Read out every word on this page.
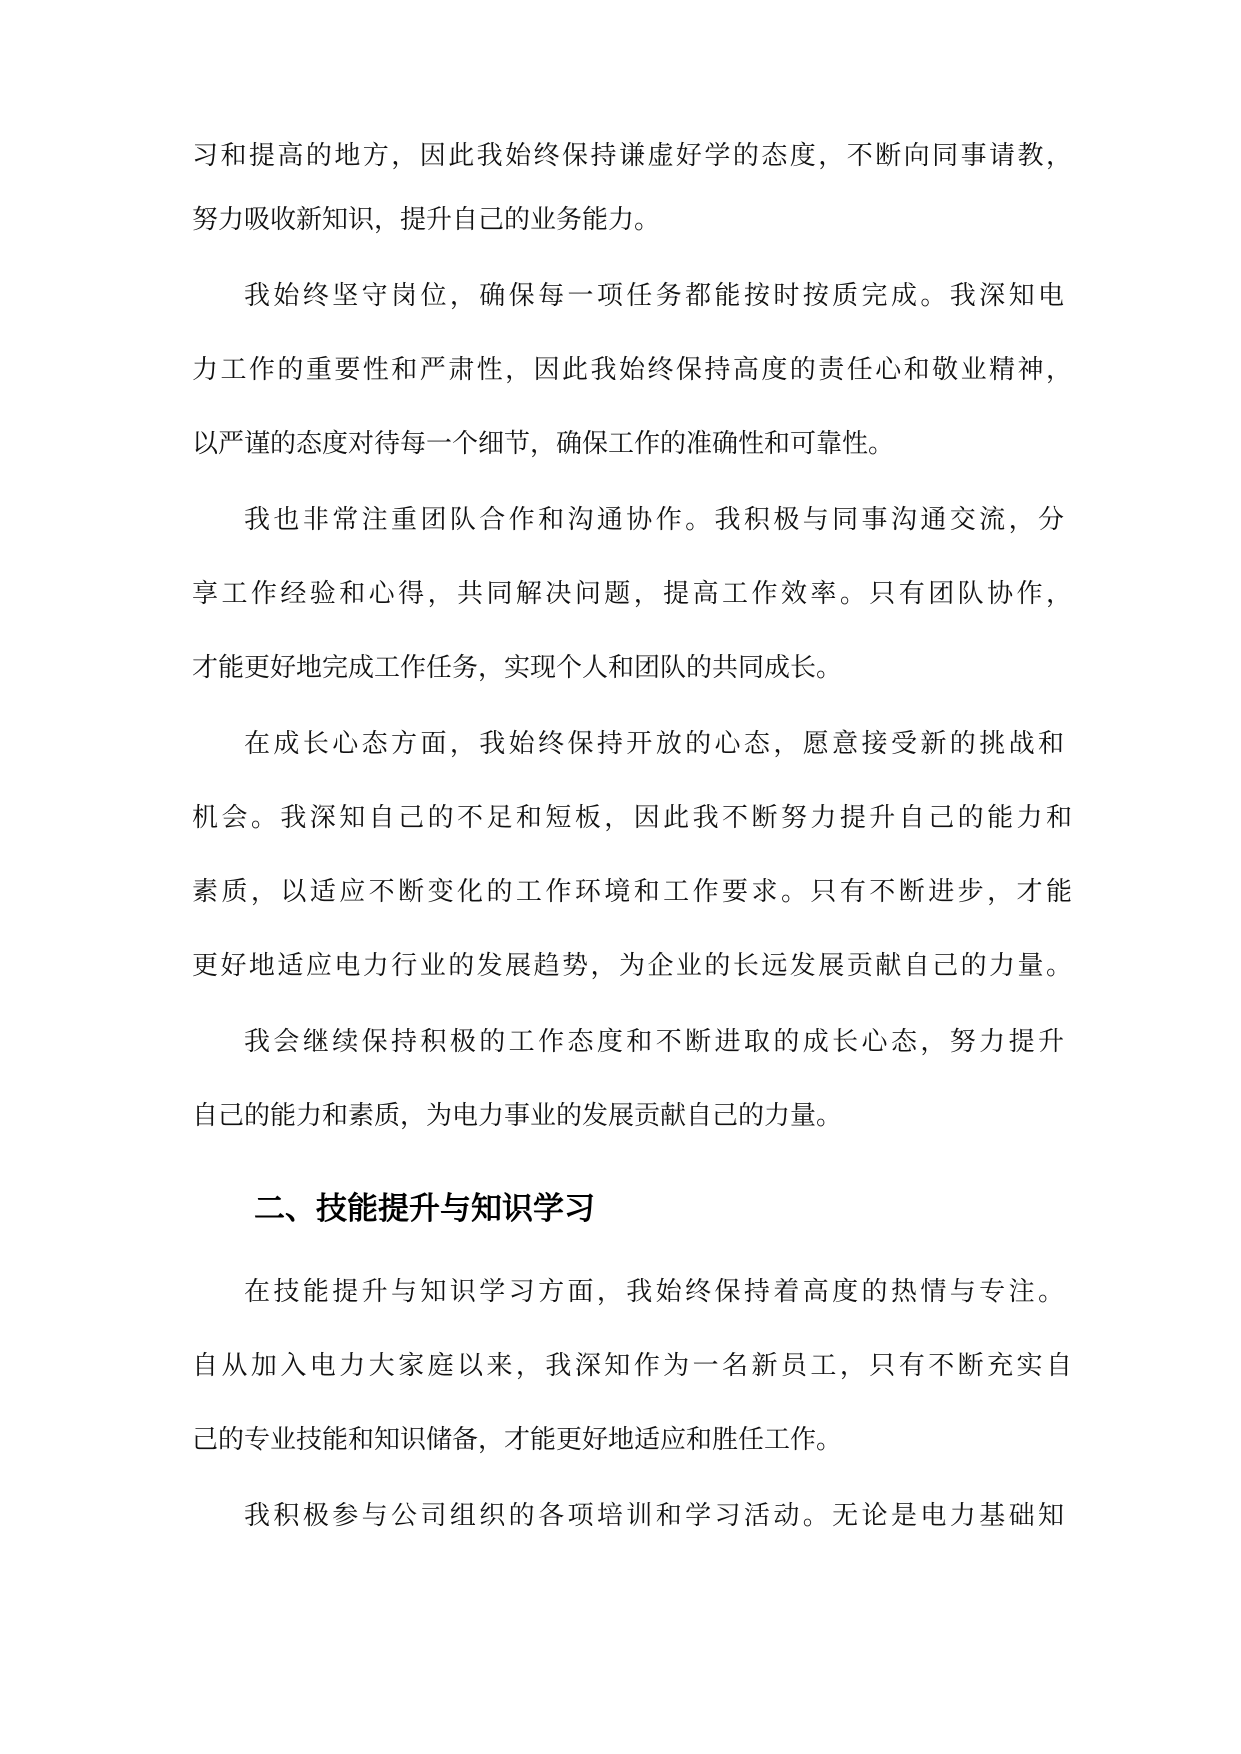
习和提高的地方，因此我始终保持谦虚好学的态度，不断向同事请教，
努力吸收新知识，提升自己的业务能力。
我始终坚守岗位，确保每一项任务都能按时按质完成。我深知电
力工作的重要性和严肃性，因此我始终保持高度的责任心和敬业精神，
以严谨的态度对待每一个细节，确保工作的准确性和可靠性。
我也非常注重团队合作和沟通协作。我积极与同事沟通交流，分
享工作经验和心得，共同解决问题，提高工作效率。只有团队协作，
才能更好地完成工作任务，实现个人和团队的共同成长。
在成长心态方面，我始终保持开放的心态，愿意接受新的挑战和
机会。我深知自己的不足和短板，因此我不断努力提升自己的能力和
素质，以适应不断变化的工作环境和工作要求。只有不断进步，才能
更好地适应电力行业的发展趋势，为企业的长远发展贡献自己的力量。
我会继续保持积极的工作态度和不断进取的成长心态，努力提升
自己的能力和素质，为电力事业的发展贡献自己的力量。
二、技能提升与知识学习
在技能提升与知识学习方面，我始终保持着高度的热情与专注。
自从加入电力大家庭以来，我深知作为一名新员工，只有不断充实自
己的专业技能和知识储备，才能更好地适应和胜任工作。
我积极参与公司组织的各项培训和学习活动。无论是电力基础知
